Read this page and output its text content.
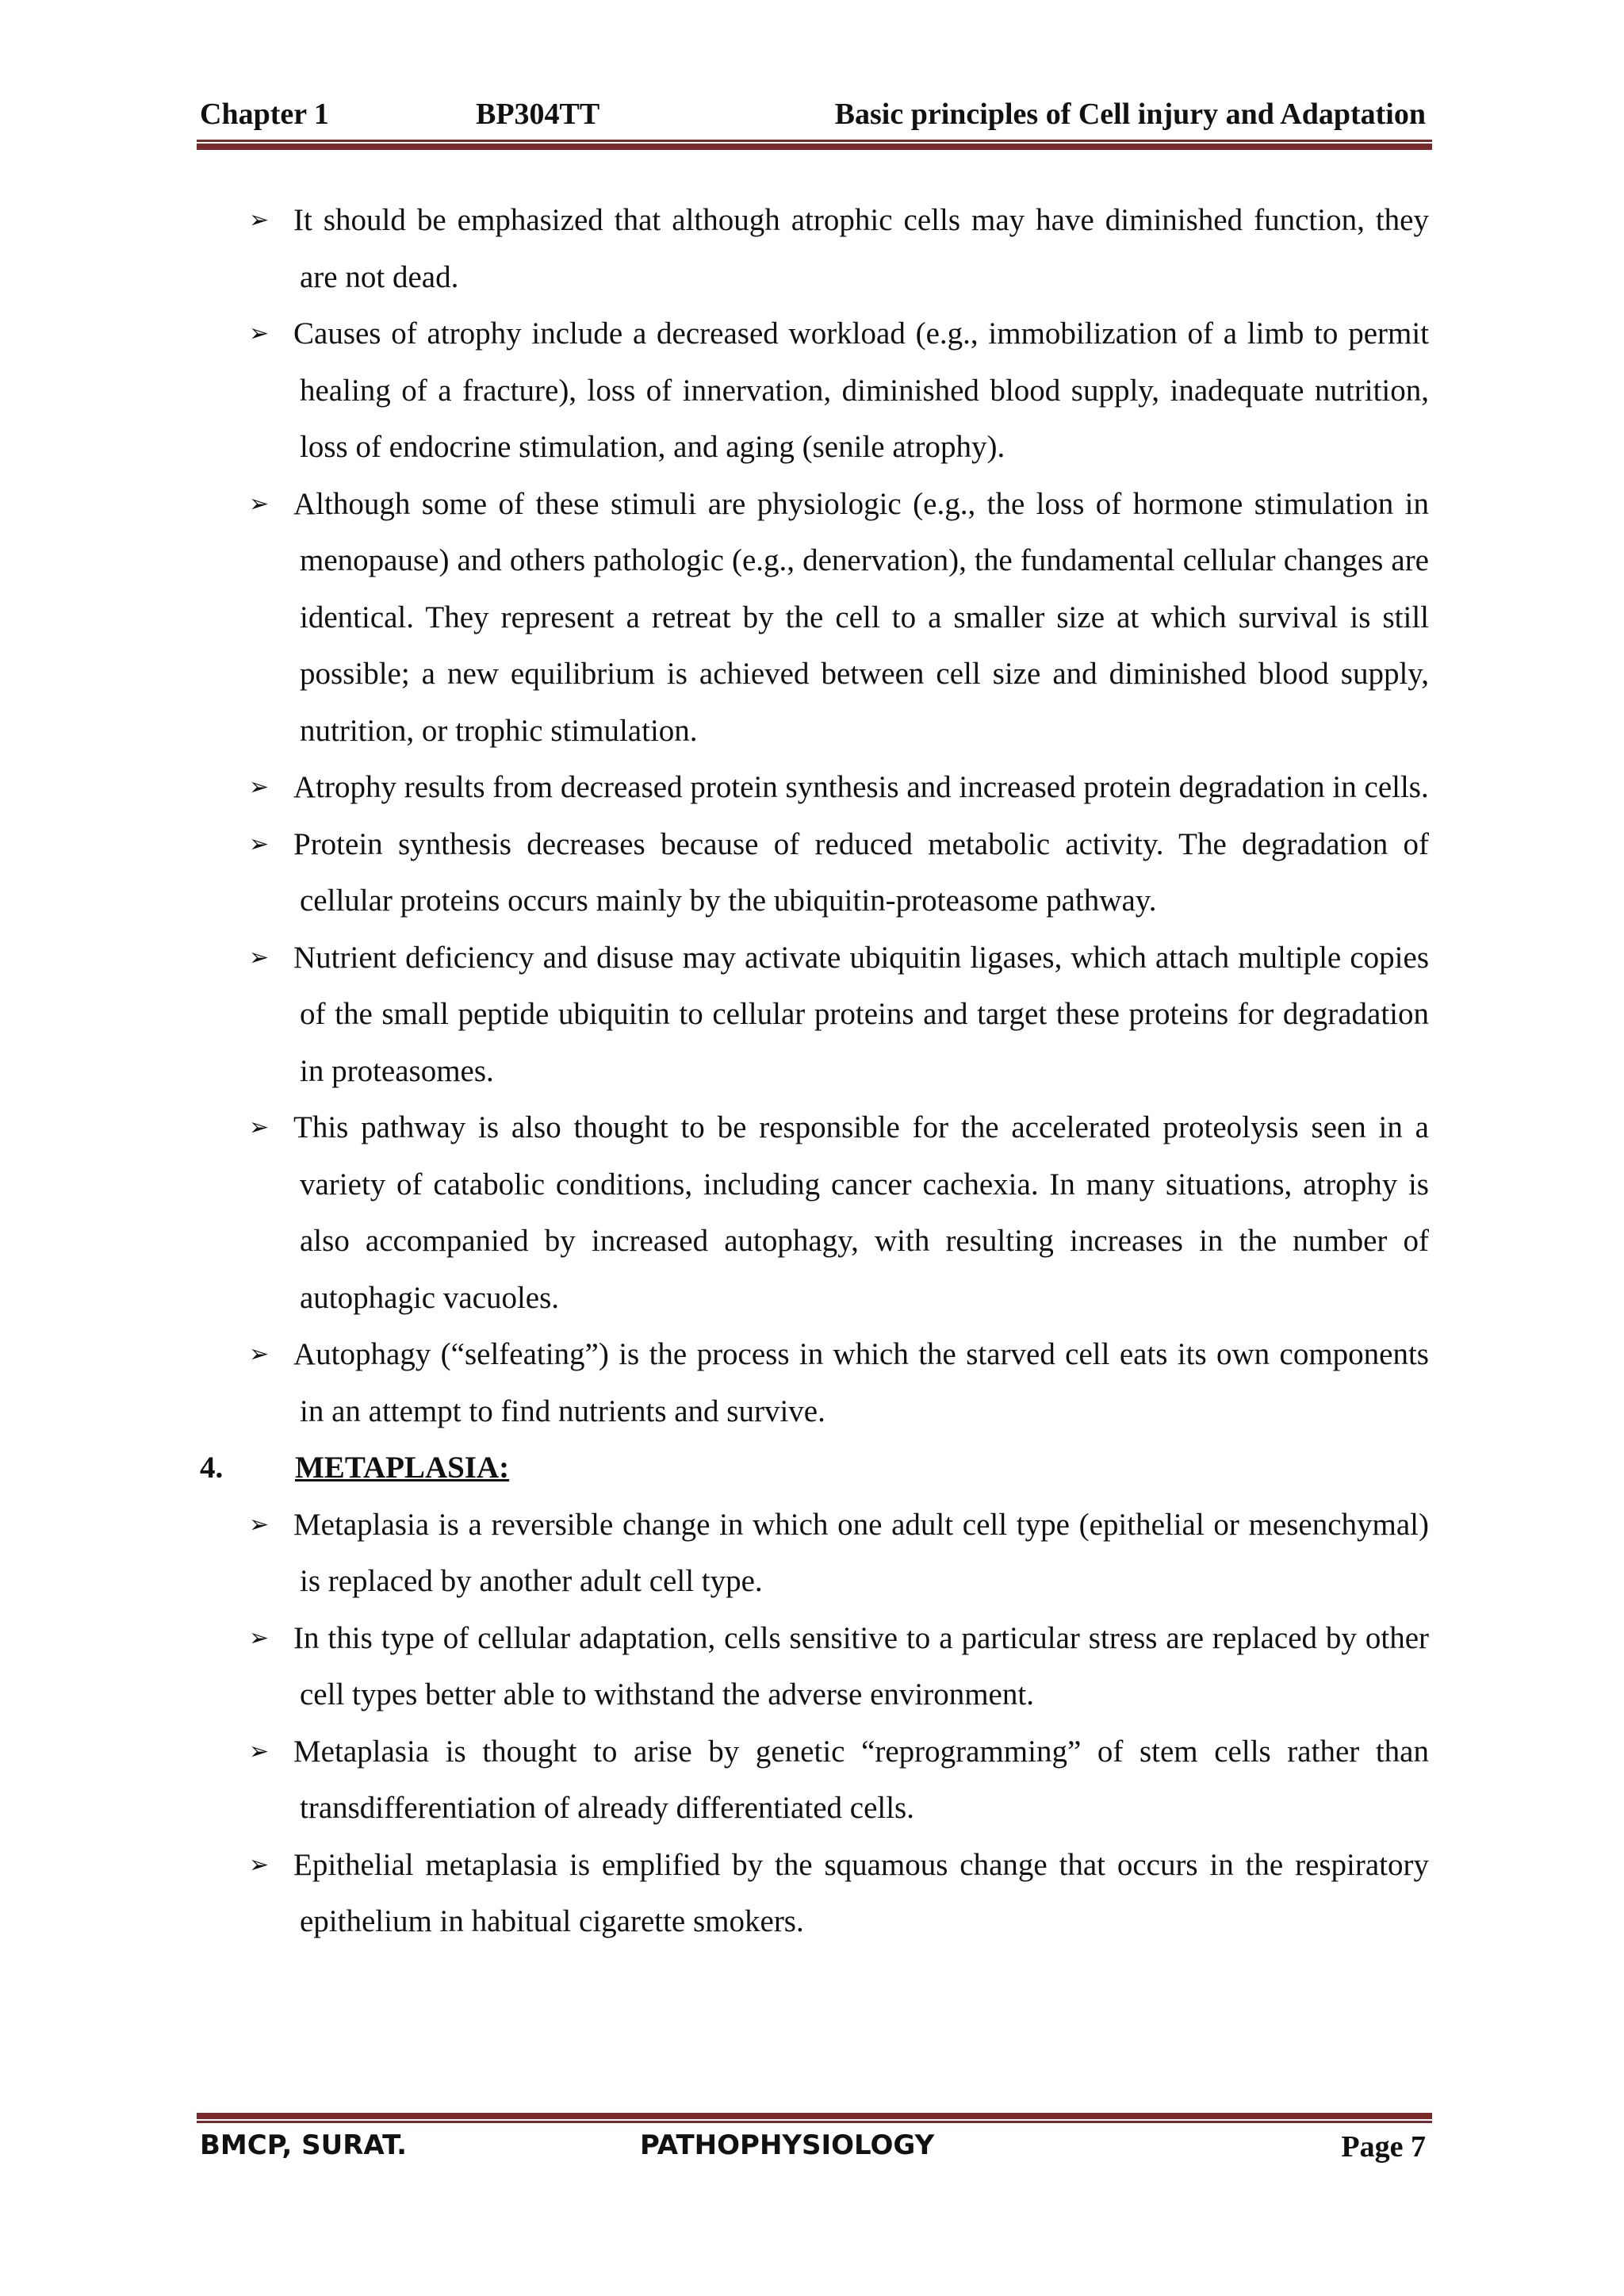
Chapter 1	BP304TT	Basic principles of Cell injury and Adaptation
➢ It should be emphasized that although atrophic cells may have diminished function, they are not dead.
➢ Causes of atrophy include a decreased workload (e.g., immobilization of a limb to permit healing of a fracture), loss of innervation, diminished blood supply, inadequate nutrition, loss of endocrine stimulation, and aging (senile atrophy).
➢ Although some of these stimuli are physiologic (e.g., the loss of hormone stimulation in menopause) and others pathologic (e.g., denervation), the fundamental cellular changes are identical. They represent a retreat by the cell to a smaller size at which survival is still possible; a new equilibrium is achieved between cell size and diminished blood supply, nutrition, or trophic stimulation.
➢ Atrophy results from decreased protein synthesis and increased protein degradation in cells.
➢ Protein synthesis decreases because of reduced metabolic activity. The degradation of cellular proteins occurs mainly by the ubiquitin-proteasome pathway.
➢ Nutrient deficiency and disuse may activate ubiquitin ligases, which attach multiple copies of the small peptide ubiquitin to cellular proteins and target these proteins for degradation in proteasomes.
➢ This pathway is also thought to be responsible for the accelerated proteolysis seen in a variety of catabolic conditions, including cancer cachexia. In many situations, atrophy is also accompanied by increased autophagy, with resulting increases in the number of autophagic vacuoles.
➢ Autophagy (“selfeating”) is the process in which the starved cell eats its own components in an attempt to find nutrients and survive.
4. METAPLASIA:
➢ Metaplasia is a reversible change in which one adult cell type (epithelial or mesenchymal) is replaced by another adult cell type.
➢ In this type of cellular adaptation, cells sensitive to a particular stress are replaced by other cell types better able to withstand the adverse environment.
➢ Metaplasia is thought to arise by genetic “reprogramming” of stem cells rather than transdifferentiation of already differentiated cells.
➢ Epithelial metaplasia is emplified by the squamous change that occurs in the respiratory epithelium in habitual cigarette smokers.
BMCP, SURAT.	PATHOPHYSIOLOGY	Page 7
